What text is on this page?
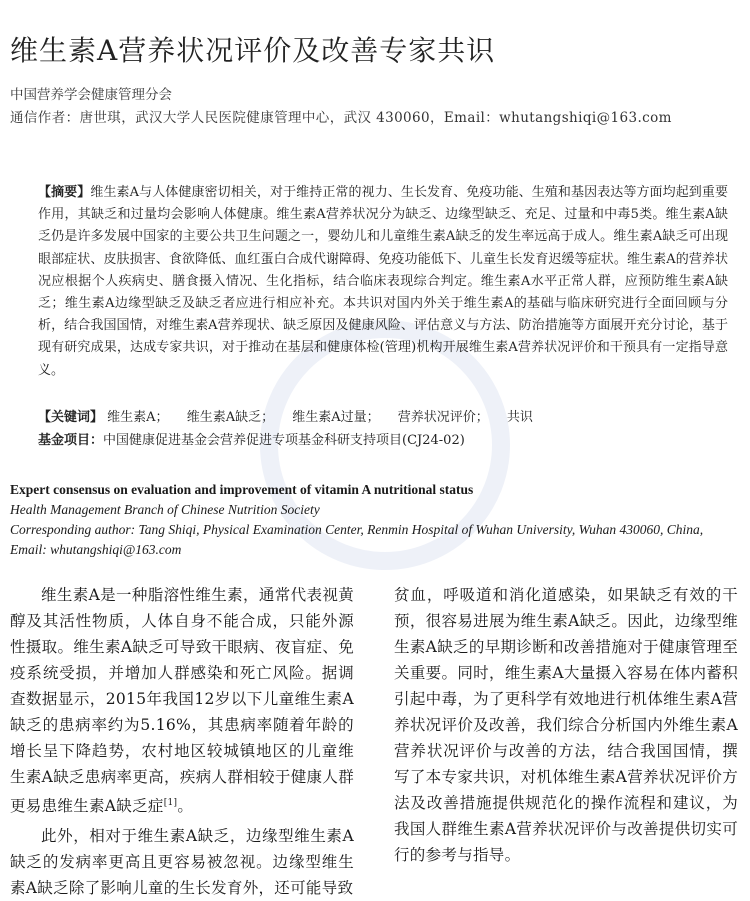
维生素A营养状况评价及改善专家共识
中国营养学会健康管理分会
通信作者：唐世琪，武汉大学人民医院健康管理中心，武汉 430060，Email：whutangshiqi@163.com
【摘要】维生素A与人体健康密切相关，对于维持正常的视力、生长发育、免疫功能、生殖和基因表达等方面均起到重要作用，其缺乏和过量均会影响人体健康。维生素A营养状况分为缺乏、边缘型缺乏、充足、过量和中毒5类。维生素A缺乏仍是许多发展中国家的主要公共卫生问题之一，婴幼儿和儿童维生素A缺乏的发生率远高于成人。维生素A缺乏可出现眼部症状、皮肤损害、食欲降低、血红蛋白合成代谢障碍、免疫功能低下、儿童生长发育迟缓等症状。维生素A的营养状况应根据个人疾病史、膳食摄入情况、生化指标，结合临床表现综合判定。维生素A水平正常人群，应预防维生素A缺乏；维生素A边缘型缺乏及缺乏者应进行相应补充。本共识对国内外关于维生素A的基础与临床研究进行全面回顾与分析，结合我国国情，对维生素A营养现状、缺乏原因及健康风险、评估意义与方法、防治措施等方面展开充分讨论，基于现有研究成果，达成专家共识，对于推动在基层和健康体检(管理)机构开展维生素A营养状况评价和干预具有一定指导意义。
【关键词】 维生素A； 维生素A缺乏； 维生素A过量； 营养状况评价； 共识
基金项目：中国健康促进基金会营养促进专项基金科研支持项目(CJ24-02)
Expert consensus on evaluation and improvement of vitamin A nutritional status
Health Management Branch of Chinese Nutrition Society
Corresponding author: Tang Shiqi, Physical Examination Center, Renmin Hospital of Wuhan University, Wuhan 430060, China, Email: whutangshiqi@163.com

维生素A是一种脂溶性维生素，通常代表视黄醇及其活性物质，人体自身不能合成，只能外源性摄取。维生素A缺乏可导致干眼病、夜盲症、免疫系统受损，并增加人群感染和死亡风险。据调查数据显示，2015年我国12岁以下儿童维生素A缺乏的患病率约为5.16%，其患病率随着年龄的增长呈下降趋势，农村地区较城镇地区的儿童维生素A缺乏患病率更高，疾病人群相较于健康人群更易患维生素A缺乏症[1]。

此外，相对于维生素A缺乏，边缘型维生素A缺乏的发病率更高且更容易被忽视。边缘型维生素A缺乏除了影响儿童的生长发育外，还可能导致

贫血，呼吸道和消化道感染，如果缺乏有效的干预，很容易进展为维生素A缺乏。因此，边缘型维生素A缺乏的早期诊断和改善措施对于健康管理至关重要。同时，维生素A大量摄入容易在体内蓄积引起中毒，为了更科学有效地进行机体维生素A营养状况评价及改善，我们综合分析国内外维生素A营养状况评价与改善的方法，结合我国国情，撰写了本专家共识，对机体维生素A营养状况评价方法及改善措施提供规范化的操作流程和建议，为我国人群维生素A营养状况评价与改善提供切实可行的参考与指导。
